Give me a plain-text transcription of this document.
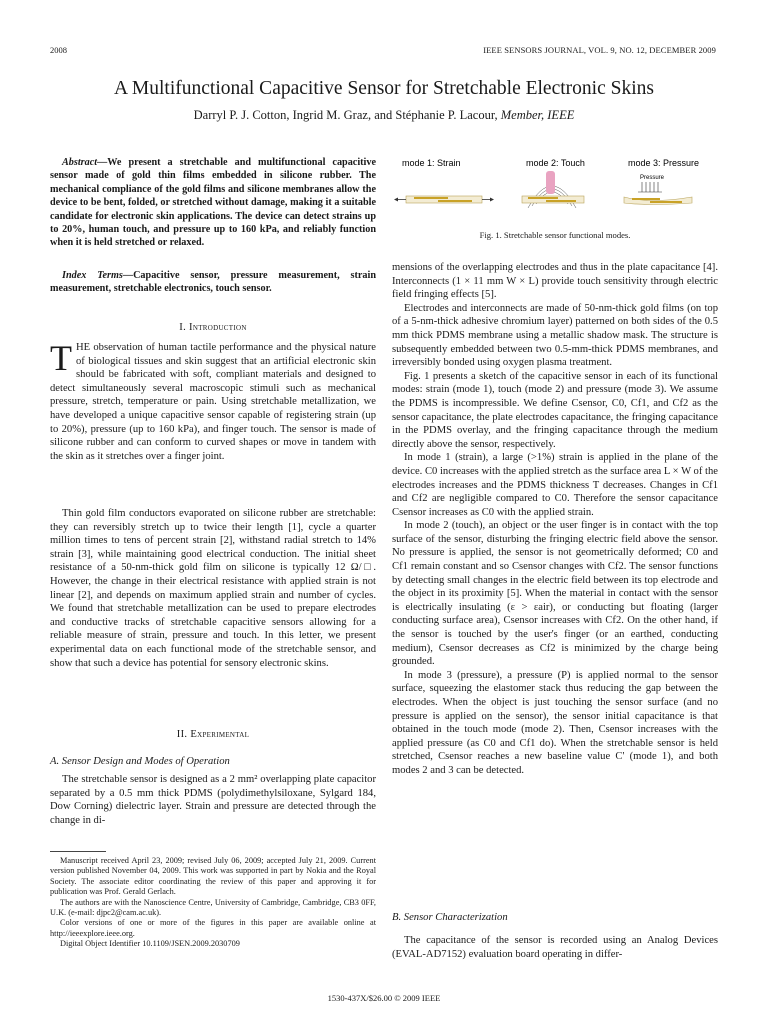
2008	IEEE SENSORS JOURNAL, VOL. 9, NO. 12, DECEMBER 2009
A Multifunctional Capacitive Sensor for Stretchable Electronic Skins
Darryl P. J. Cotton, Ingrid M. Graz, and Stéphanie P. Lacour, Member, IEEE
Abstract—We present a stretchable and multifunctional capacitive sensor made of gold thin films embedded in silicone rubber. The mechanical compliance of the gold films and silicone membranes allow the device to be bent, folded, or stretched without damage, making it a suitable candidate for electronic skin applications. The device can detect strains up to 20%, human touch, and pressure up to 160 kPa, and reliably function when it is held stretched or relaxed.
Index Terms—Capacitive sensor, pressure measurement, strain measurement, stretchable electronics, touch sensor.
I. Introduction
THE observation of human tactile performance and the physical nature of biological tissues and skin suggest that an artificial electronic skin should be fabricated with soft, compliant materials and designed to detect simultaneously several macroscopic stimuli such as mechanical pressure, stretch, temperature or pain. Using stretchable metallization, we have developed a unique capacitive sensor capable of registering strain (up to 20%), pressure (up to 160 kPa), and finger touch. The sensor is made of silicone rubber and can conform to curved shapes or move in tandem with the skin as it stretches over a finger joint.
Thin gold film conductors evaporated on silicone rubber are stretchable: they can reversibly stretch up to twice their length [1], cycle a quarter million times to tens of percent strain [2], withstand radial stretch to 14% strain [3], while maintaining good electrical conduction. The initial sheet resistance of a 50-nm-thick gold film on silicone is typically 12 Ω/□. However, the change in their electrical resistance with applied strain is not linear [2], and depends on maximum applied strain and number of cycles. We found that stretchable metallization can be used to prepare electrodes and conductive tracks of stretchable capacitive sensors allowing for a reliable measure of strain, pressure and touch. In this letter, we present experimental data on each functional mode of the stretchable sensor, and show that such a device has potential for sensory electronic skins.
II. Experimental
A. Sensor Design and Modes of Operation
The stretchable sensor is designed as a 2 mm² overlapping plate capacitor separated by a 0.5 mm thick PDMS (polydimethylsiloxane, Sylgard 184, Dow Corning) dielectric layer. Strain and pressure are detected through the change in di-

Manuscript received April 23, 2009; revised July 06, 2009; accepted July 21, 2009. Current version published November 04, 2009. This work was supported in part by Nokia and the Royal Society. The associate editor coordinating the review of this paper and approving it for publication was Prof. Gerald Gerlach.

The authors are with the Nanoscience Centre, University of Cambridge, Cambridge, CB3 0FF, U.K. (e-mail: djpc2@cam.ac.uk).

Color versions of one or more of the figures in this paper are available online at http://ieeexplore.ieee.org.

Digital Object Identifier 10.1109/JSEN.2009.2030709

mode 1: Strain	mode 2: Touch	mode 3: Pressure
Pressure
Fig. 1. Stretchable sensor functional modes.

mensions of the overlapping electrodes and thus in the plate capacitance [4]. Interconnects (1 × 11 mm W × L) provide touch sensitivity through electric field fringing effects [5].

Electrodes and interconnects are made of 50-nm-thick gold films (on top of a 5-nm-thick adhesive chromium layer) patterned on both sides of the 0.5 mm thick PDMS membrane using a metallic shadow mask. The structure is subsequently embedded between two 0.5-mm-thick PDMS membranes, and irreversibly bonded using oxygen plasma treatment.

Fig. 1 presents a sketch of the capacitive sensor in each of its functional modes: strain (mode 1), touch (mode 2) and pressure (mode 3). We assume the PDMS is incompressible. We define Csensor, C0, Cf1, and Cf2 as the sensor capacitance, the plate electrodes capacitance, the fringing capacitance in the PDMS overlay, and the fringing capacitance through the medium directly above the sensor, respectively.

In mode 1 (strain), a large (>1%) strain is applied in the plane of the device. C0 increases with the applied stretch as the surface area L × W of the electrodes increases and the PDMS thickness T decreases. Changes in Cf1 and Cf2 are negligible compared to C0. Therefore the sensor capacitance Csensor increases as C0 with the applied strain.

In mode 2 (touch), an object or the user finger is in contact with the top surface of the sensor, disturbing the fringing electric field above the sensor. No pressure is applied, the sensor is not geometrically deformed; C0 and Cf1 remain constant and so Csensor changes with Cf2. The sensor functions by detecting small changes in the electric field between its top electrode and the object in its proximity [5]. When the material in contact with the sensor is electrically insulating (ε > εair), or conducting but floating (larger conducting surface area), Csensor increases with Cf2. On the other hand, if the sensor is touched by the user's finger (or an earthed, conducting medium), Csensor decreases as Cf2 is minimized by the charge being grounded.

In mode 3 (pressure), a pressure (P) is applied normal to the sensor surface, squeezing the elastomer stack thus reducing the gap between the electrodes. When the object is just touching the sensor surface (and no pressure is applied on the sensor), the sensor initial capacitance is that obtained in the touch mode (mode 2). Then, Csensor increases with the applied pressure (as C0 and Cf1 do). When the stretchable sensor is held stretched, Csensor reaches a new baseline value C' (mode 1), and both modes 2 and 3 can be detected.

B. Sensor Characterization
The capacitance of the sensor is recorded using an Analog Devices (EVAL-AD7152) evaluation board operating in differ-
1530-437X/$26.00 © 2009 IEEE
